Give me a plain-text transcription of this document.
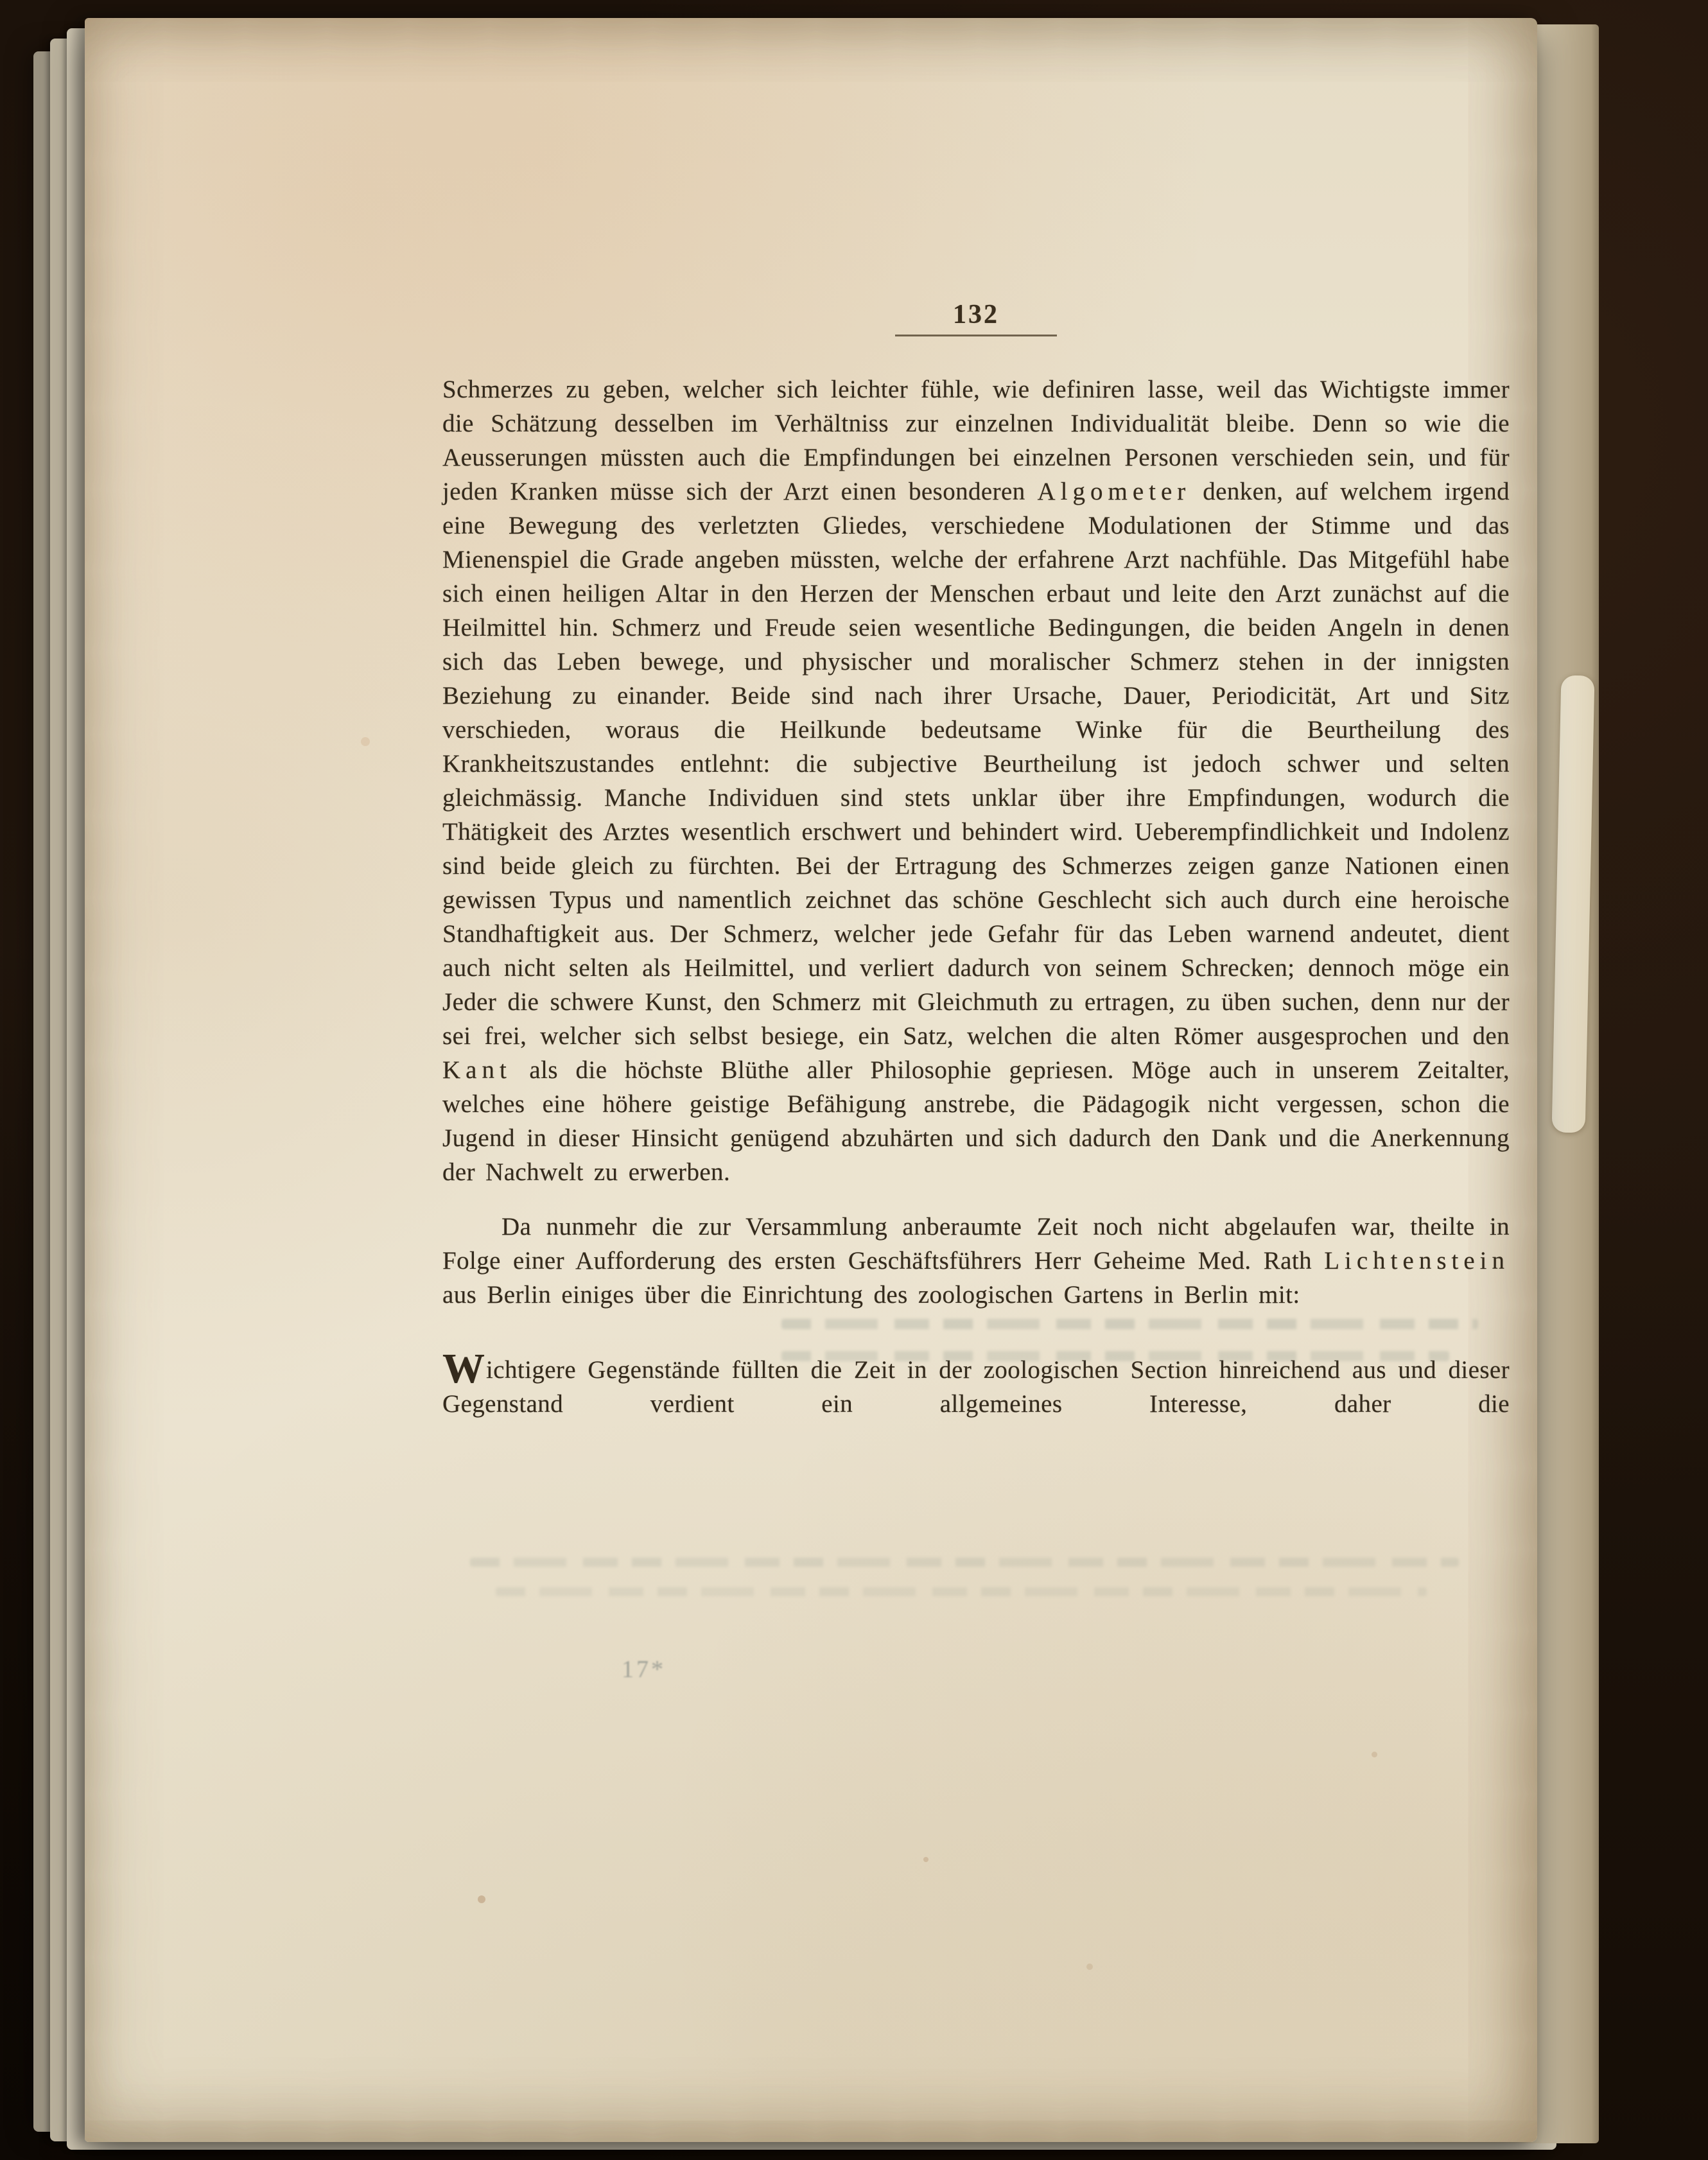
132

Schmerzes zu geben, welcher sich leichter fühle, wie definiren lasse, weil das Wichtigste immer die Schätzung desselben im Verhältniss zur einzelnen Individualität bleibe. Denn so wie die Aeusserungen müssten auch die Empfindungen bei einzelnen Personen verschieden sein, und für jeden Kranken müsse sich der Arzt einen besonderen Algometer denken, auf welchem irgend eine Bewegung des verletzten Gliedes, verschiedene Modulationen der Stimme und das Mienenspiel die Grade angeben müssten, welche der erfahrene Arzt nachfühle. Das Mitgefühl habe sich einen heiligen Altar in den Herzen der Menschen erbaut und leite den Arzt zunächst auf die Heilmittel hin. Schmerz und Freude seien wesentliche Bedingungen, die beiden Angeln in denen sich das Leben bewege, und physischer und moralischer Schmerz stehen in der innigsten Beziehung zu einander. Beide sind nach ihrer Ursache, Dauer, Periodicität, Art und Sitz verschieden, woraus die Heilkunde bedeutsame Winke für die Beurtheilung des Krankheitszustandes entlehnt: die subjective Beurtheilung ist jedoch schwer und selten gleichmässig. Manche Individuen sind stets unklar über ihre Empfindungen, wodurch die Thätigkeit des Arztes wesentlich erschwert und behindert wird. Ueberempfindlichkeit und Indolenz sind beide gleich zu fürchten. Bei der Ertragung des Schmerzes zeigen ganze Nationen einen gewissen Typus und namentlich zeichnet das schöne Geschlecht sich auch durch eine heroische Standhaftigkeit aus. Der Schmerz, welcher jede Gefahr für das Leben warnend andeutet, dient auch nicht selten als Heilmittel, und verliert dadurch von seinem Schrecken; dennoch möge ein Jeder die schwere Kunst, den Schmerz mit Gleichmuth zu ertragen, zu üben suchen, denn nur der sei frei, welcher sich selbst besiege, ein Satz, welchen die alten Römer ausgesprochen und den Kant als die höchste Blüthe aller Philosophie gepriesen. Möge auch in unserem Zeitalter, welches eine höhere geistige Befähigung anstrebe, die Pädagogik nicht vergessen, schon die Jugend in dieser Hinsicht genügend abzuhärten und sich dadurch den Dank und die Anerkennung der Nachwelt zu erwerben.

Da nunmehr die zur Versammlung anberaumte Zeit noch nicht abgelaufen war, theilte in Folge einer Aufforderung des ersten Geschäftsführers Herr Geheime Med. Rath Lichtenstein aus Berlin einiges über die Einrichtung des zoologischen Gartens in Berlin mit:

Wichtigere Gegenstände füllten die Zeit in der zoologischen Section hinreichend aus und dieser Gegenstand verdient ein allgemeines Interesse, daher die

17*
